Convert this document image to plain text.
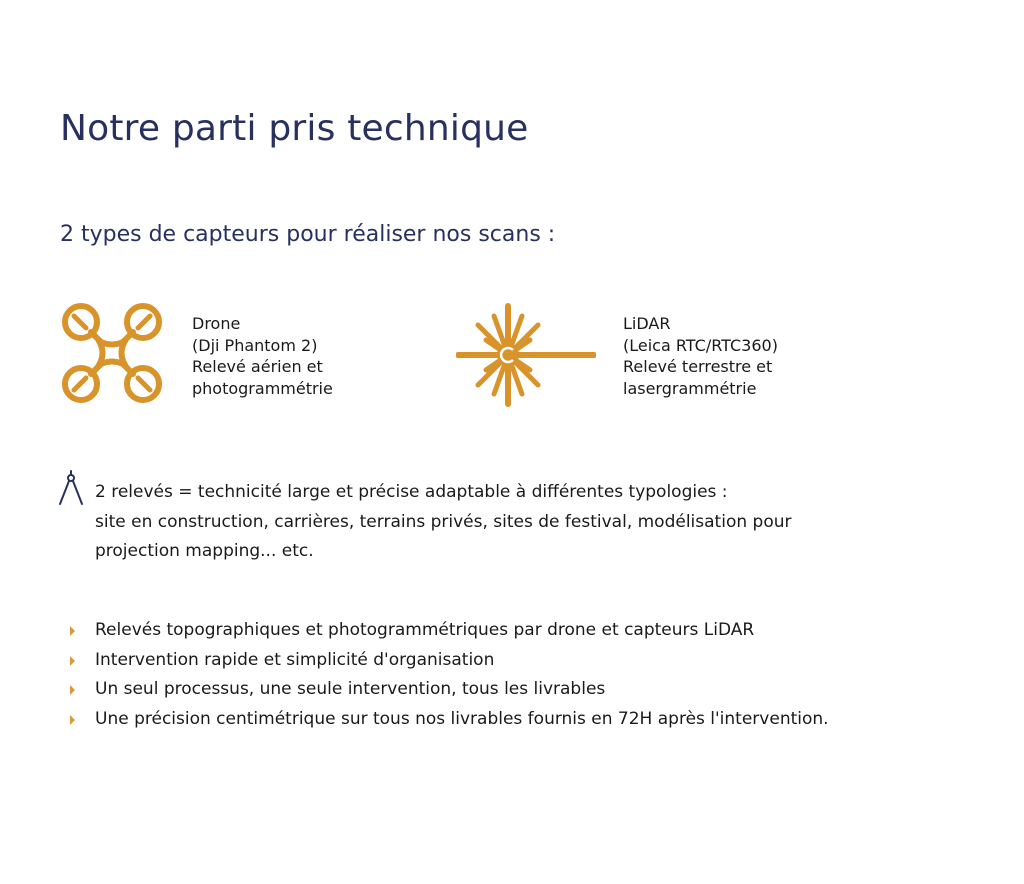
Notre parti pris technique
2 types de capteurs pour réaliser nos scans :
Drone
(Dji Phantom 2)
Relevé aérien et
photogrammétrie
LiDAR
(Leica RTC/RTC360)
Relevé terrestre et
lasergrammétrie
2 relevés = technicité large et précise adaptable à différentes typologies :
site en construction, carrières, terrains privés, sites de festival, modélisation pour
projection mapping... etc.
Relevés topographiques et photogrammétriques par drone et capteurs LiDAR
Intervention rapide et simplicité d'organisation
Un seul processus, une seule intervention, tous les livrables
Une précision centimétrique sur tous nos livrables fournis en 72H après l'intervention.
